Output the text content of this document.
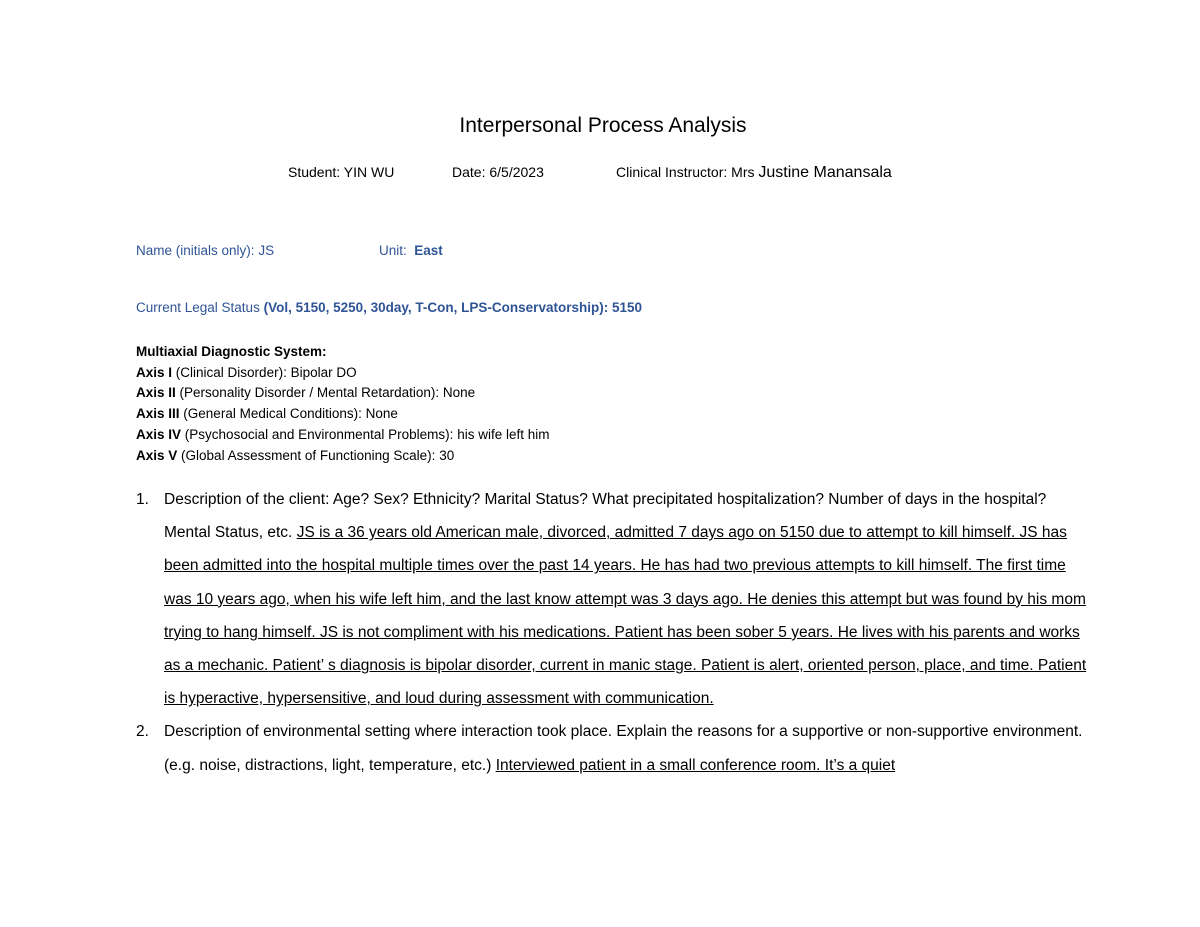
Interpersonal Process Analysis
Student: YIN WU	Date: 6/5/2023	Clinical Instructor: Mrs Justine Manansala
Name (initials only): JS	Unit: East
Current Legal Status (Vol, 5150, 5250, 30day, T-Con, LPS-Conservatorship): 5150
Multiaxial Diagnostic System:
Axis I (Clinical Disorder): Bipolar DO
Axis II (Personality Disorder / Mental Retardation): None
Axis III (General Medical Conditions): None
Axis IV (Psychosocial and Environmental Problems): his wife left him
Axis V (Global Assessment of Functioning Scale): 30
1. Description of the client: Age? Sex? Ethnicity? Marital Status? What precipitated hospitalization? Number of days in the hospital? Mental Status, etc. JS is a 36 years old American male, divorced, admitted 7 days ago on 5150 due to attempt to kill himself. JS has been admitted into the hospital multiple times over the past 14 years. He has had two previous attempts to kill himself. The first time was 10 years ago, when his wife left him, and the last know attempt was 3 days ago. He denies this attempt but was found by his mom trying to hang himself. JS is not compliment with his medications. Patient has been sober 5 years. He lives with his parents and works as a mechanic. Patient’ s diagnosis is bipolar disorder, current in manic stage. Patient is alert, oriented person, place, and time. Patient is hyperactive, hypersensitive, and loud during assessment with communication.
2. Description of environmental setting where interaction took place. Explain the reasons for a supportive or non-supportive environment. (e.g. noise, distractions, light, temperature, etc.) Interviewed patient in a small conference room. It’s a quiet
